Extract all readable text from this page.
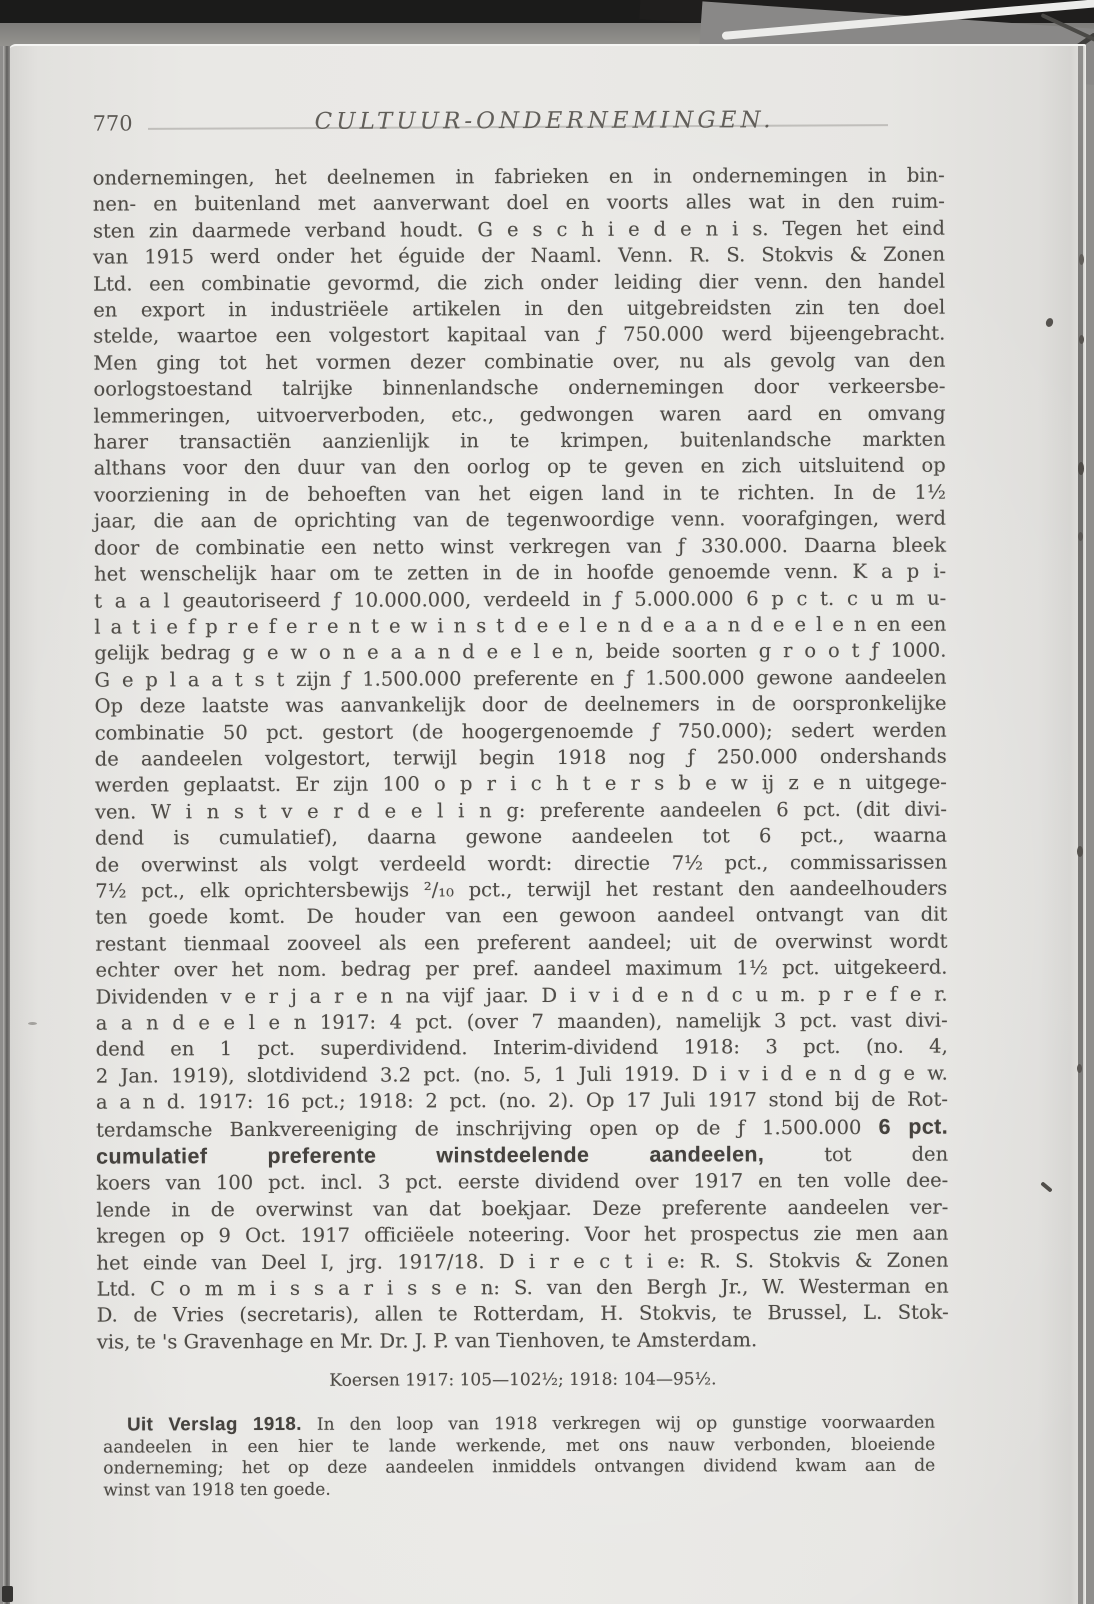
770	CULTUUR-ONDERNEMINGEN.
ondernemingen, het deelnemen in fabrieken en in ondernemingen in bin-
nen- en buitenland met aanverwant doel en voorts alles wat in den ruim-
sten zin daarmede verband houdt. G e s c h i e d e n i s. Tegen het eind
van 1915 werd onder het éguide der Naaml. Venn. R. S. Stokvis & Zonen
Ltd. een combinatie gevormd, die zich onder leiding dier venn. den handel
en export in industriëele artikelen in den uitgebreidsten zin ten doel
stelde, waartoe een volgestort kapitaal van ƒ 750.000 werd bijeengebracht.
Men ging tot het vormen dezer combinatie over, nu als gevolg van den
oorlogstoestand talrijke binnenlandsche ondernemingen door verkeersbe-
lemmeringen, uitvoerverboden, etc., gedwongen waren aard en omvang
harer transactiën aanzienlijk in te krimpen, buitenlandsche markten
althans voor den duur van den oorlog op te geven en zich uitsluitend op
voorziening in de behoeften van het eigen land in te richten. In de 1½
jaar, die aan de oprichting van de tegenwoordige venn. voorafgingen, werd
door de combinatie een netto winst verkregen van ƒ 330.000. Daarna bleek
het wenschelijk haar om te zetten in de in hoofde genoemde venn. K a p i-
t a a l geautoriseerd ƒ 10.000.000, verdeeld in ƒ 5.000.000 6 p c t. c u m u-
l a t i e f p r e f e r e n t e w i n s t d e e l e n d e a a n d e e l e n en een
gelijk bedrag g e w o n e a a n d e e l e n, beide soorten g r o o t ƒ 1000.
G e p l a a t s t zijn ƒ 1.500.000 preferente en ƒ 1.500.000 gewone aandeelen
Op deze laatste was aanvankelijk door de deelnemers in de oorspronkelijke
combinatie 50 pct. gestort (de hoogergenoemde ƒ 750.000); sedert werden
de aandeelen volgestort, terwijl begin 1918 nog ƒ 250.000 ondershands
werden geplaatst. Er zijn 100 o p r i c h t e r s b e w ij z e n uitgege-
ven. W i n s t v e r d e e l i n g: preferente aandeelen 6 pct. (dit divi-
dend is cumulatief), daarna gewone aandeelen tot 6 pct., waarna
de overwinst als volgt verdeeld wordt: directie 7½ pct., commissarissen
7½ pct., elk oprichtersbewijs ²/₁₀ pct., terwijl het restant den aandeelhouders
ten goede komt. De houder van een gewoon aandeel ontvangt van dit
restant tienmaal zooveel als een preferent aandeel; uit de overwinst wordt
echter over het nom. bedrag per pref. aandeel maximum 1½ pct. uitgekeerd.
Dividenden v e r j a r e n na vijf jaar. D i v i d e n d c u m. p r e f e r.
a a n d e e l e n 1917: 4 pct. (over 7 maanden), namelijk 3 pct. vast divi-
dend en 1 pct. superdividend. Interim-dividend 1918: 3 pct. (no. 4,
2 Jan. 1919), slotdividend 3.2 pct. (no. 5, 1 Juli 1919. D i v i d e n d g e w.
a a n d. 1917: 16 pct.; 1918: 2 pct. (no. 2). Op 17 Juli 1917 stond bij de Rot-
terdamsche Bankvereeniging de inschrijving open op de ƒ 1.500.000 6 pct.
cumulatief preferente winstdeelende aandeelen, tot den
koers van 100 pct. incl. 3 pct. eerste dividend over 1917 en ten volle dee-
lende in de overwinst van dat boekjaar. Deze preferente aandeelen ver-
kregen op 9 Oct. 1917 officiëele noteering. Voor het prospectus zie men aan
het einde van Deel I, jrg. 1917/18. D i r e c t i e: R. S. Stokvis & Zonen
Ltd. C o m m i s s a r i s s e n: S. van den Bergh Jr., W. Westerman en
D. de Vries (secretaris), allen te Rotterdam, H. Stokvis, te Brussel, L. Stok-
vis, te 's Gravenhage en Mr. Dr. J. P. van Tienhoven, te Amsterdam.
Koersen 1917: 105—102½; 1918: 104—95½.
Uit Verslag 1918. In den loop van 1918 verkregen wij op gunstige voorwaarden
aandeelen in een hier te lande werkende, met ons nauw verbonden, bloeiende
onderneming; het op deze aandeelen inmiddels ontvangen dividend kwam aan de
winst van 1918 ten goede.
